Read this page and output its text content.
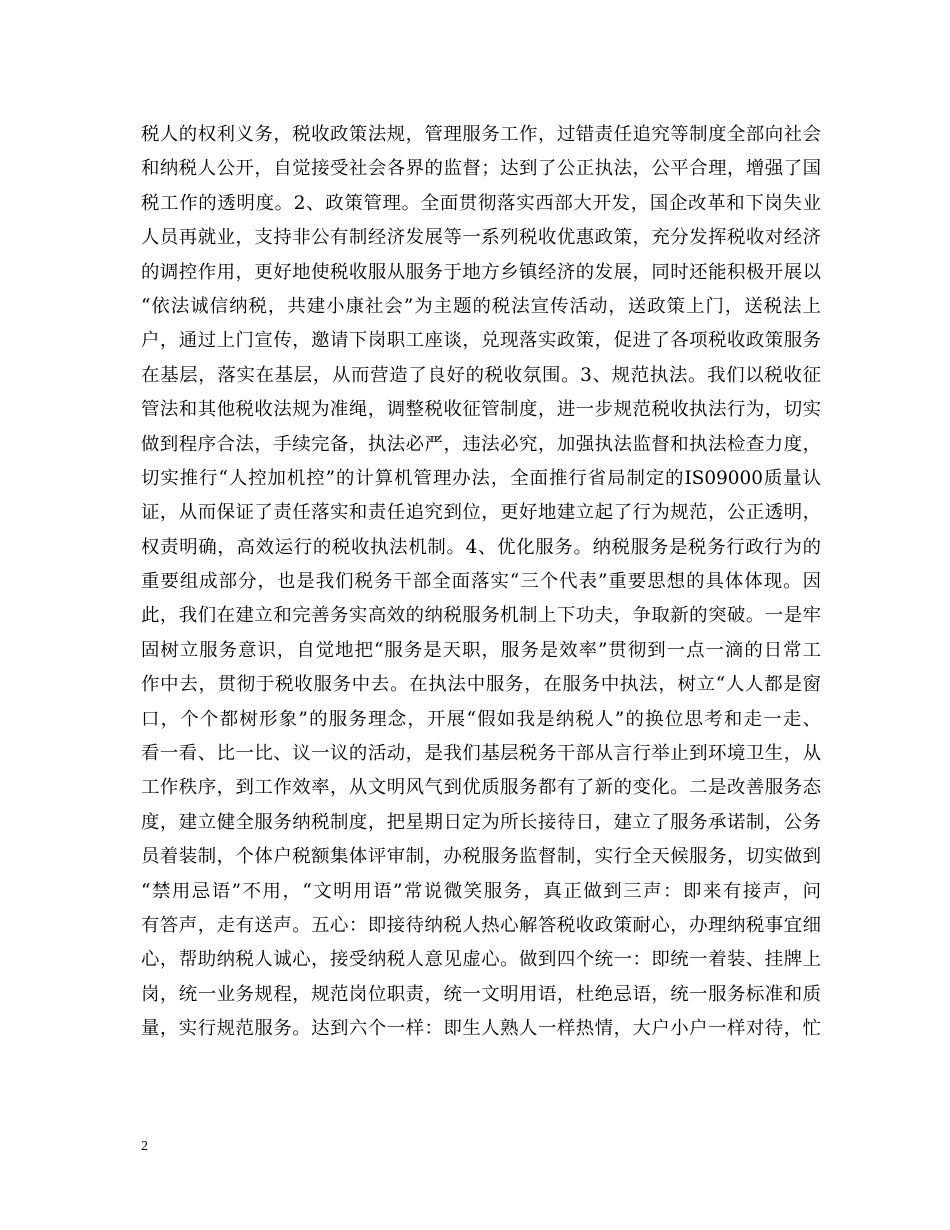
税人的权利义务，税收政策法规，管理服务工作，过错责任追究等制度全部向社会
和纳税人公开，自觉接受社会各界的监督；达到了公正执法，公平合理，增强了国
税工作的透明度。2、政策管理。全面贯彻落实西部大开发，国企改革和下岗失业
人员再就业，支持非公有制经济发展等一系列税收优惠政策，充分发挥税收对经济
的调控作用，更好地使税收服从服务于地方乡镇经济的发展，同时还能积极开展以
“依法诚信纳税，共建小康社会”为主题的税法宣传活动，送政策上门，送税法上
户，通过上门宣传，邀请下岗职工座谈，兑现落实政策，促进了各项税收政策服务
在基层，落实在基层，从而营造了良好的税收氛围。3、规范执法。我们以税收征
管法和其他税收法规为准绳，调整税收征管制度，进一步规范税收执法行为，切实
做到程序合法，手续完备，执法必严，违法必究，加强执法监督和执法检查力度，
切实推行“人控加机控”的计算机管理办法，全面推行省局制定的IS09000质量认
证，从而保证了责任落实和责任追究到位，更好地建立起了行为规范，公正透明，
权责明确，高效运行的税收执法机制。4、优化服务。纳税服务是税务行政行为的
重要组成部分，也是我们税务干部全面落实“三个代表”重要思想的具体体现。因
此，我们在建立和完善务实高效的纳税服务机制上下功夫，争取新的突破。一是牢
固树立服务意识，自觉地把“服务是天职，服务是效率”贯彻到一点一滴的日常工
作中去，贯彻于税收服务中去。在执法中服务，在服务中执法，树立“人人都是窗
口，个个都树形象”的服务理念，开展“假如我是纳税人”的换位思考和走一走、
看一看、比一比、议一议的活动，是我们基层税务干部从言行举止到环境卫生，从
工作秩序，到工作效率，从文明风气到优质服务都有了新的变化。二是改善服务态
度，建立健全服务纳税制度，把星期日定为所长接待日，建立了服务承诺制，公务
员着装制，个体户税额集体评审制，办税服务监督制，实行全天候服务，切实做到
“禁用忌语”不用，“文明用语”常说微笑服务，真正做到三声：即来有接声，问
有答声，走有送声。五心：即接待纳税人热心解答税收政策耐心，办理纳税事宜细
心，帮助纳税人诚心，接受纳税人意见虚心。做到四个统一：即统一着装、挂牌上
岗，统一业务规程，规范岗位职责，统一文明用语，杜绝忌语，统一服务标准和质
量，实行规范服务。达到六个一样：即生人熟人一样热情，大户小户一样对待，忙
2
